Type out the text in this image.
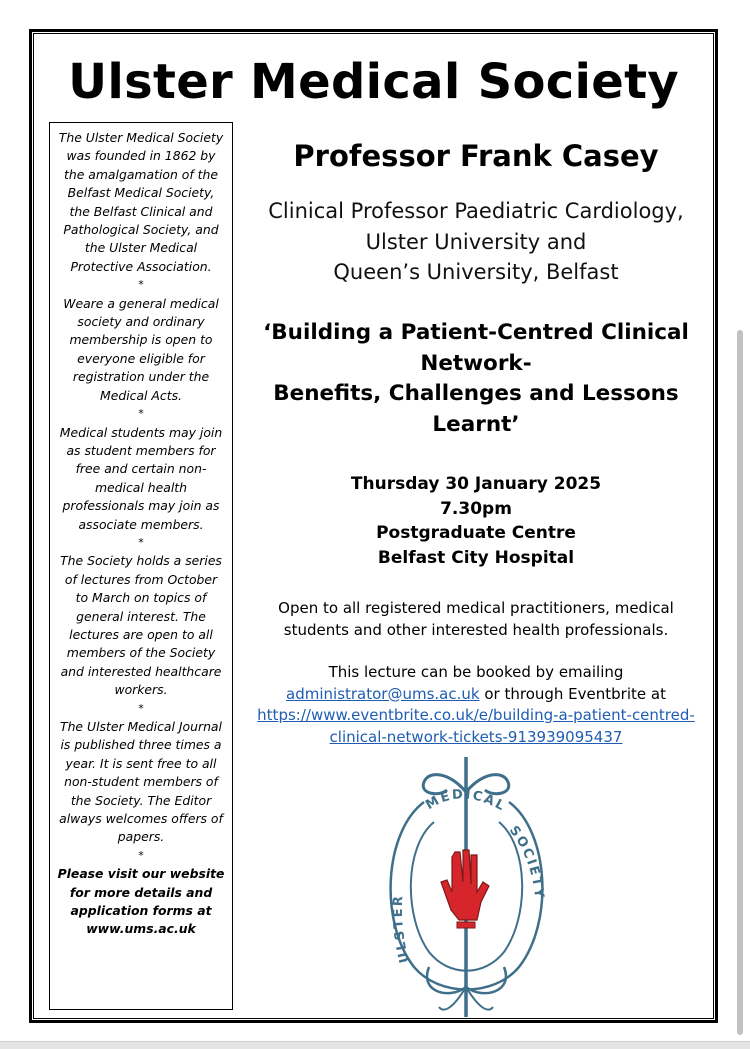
Ulster Medical Society

The Ulster Medical Society was founded in 1862 by the amalgamation of the Belfast Medical Society, the Belfast Clinical and Pathological Society, and the Ulster Medical Protective Association.

*

Weare a general medical society and ordinary membership is open to everyone eligible for registration under the Medical Acts.

*

Medical students may join as student members for free and certain non-medical health professionals may join as associate members.

*

The Society holds a series of lectures from October to March on topics of general interest. The lectures are open to all members of the Society and interested healthcare workers.

*

The Ulster Medical Journal is published three times a year. It is sent free to all non-student members of the Society. The Editor always welcomes offers of papers.

*

Please visit our website for more details and application forms at www.ums.ac.uk

Professor Frank Casey
Clinical Professor Paediatric Cardiology,
Ulster University and
Queen’s University, Belfast
‘Building a Patient-Centred Clinical
Network-
Benefits, Challenges and Lessons
Learnt’
Thursday 30 January 2025
7.30pm
Postgraduate Centre
Belfast City Hospital
Open to all registered medical practitioners, medical
students and other interested health professionals.
This lecture can be booked by emailing
administrator@ums.ac.uk or through Eventbrite at
https://www.eventbrite.co.uk/e/building-a-patient-centred-
clinical-network-tickets-913939095437
MEDICAL
SOCIETY
ULSTER
